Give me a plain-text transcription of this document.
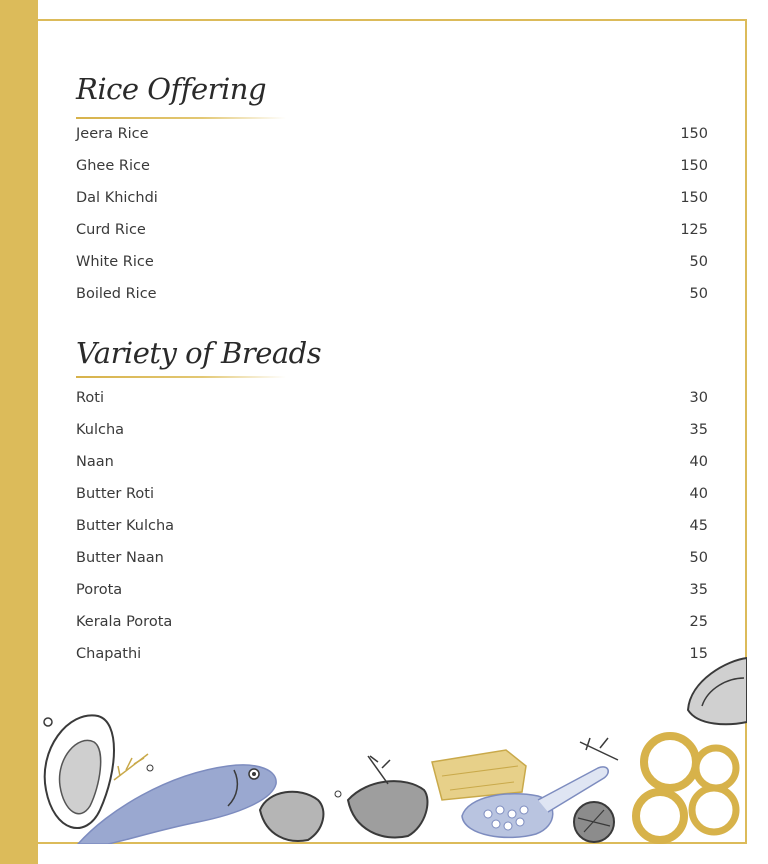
Rice Offering
Jeera Rice	150
Ghee Rice	150
Dal Khichdi	150
Curd Rice	125
White Rice	50
Boiled Rice	50
Variety of Breads
Roti	30
Kulcha	35
Naan	40
Butter Roti	40
Butter Kulcha	45
Butter Naan	50
Porota	35
Kerala Porota	25
Chapathi	15
